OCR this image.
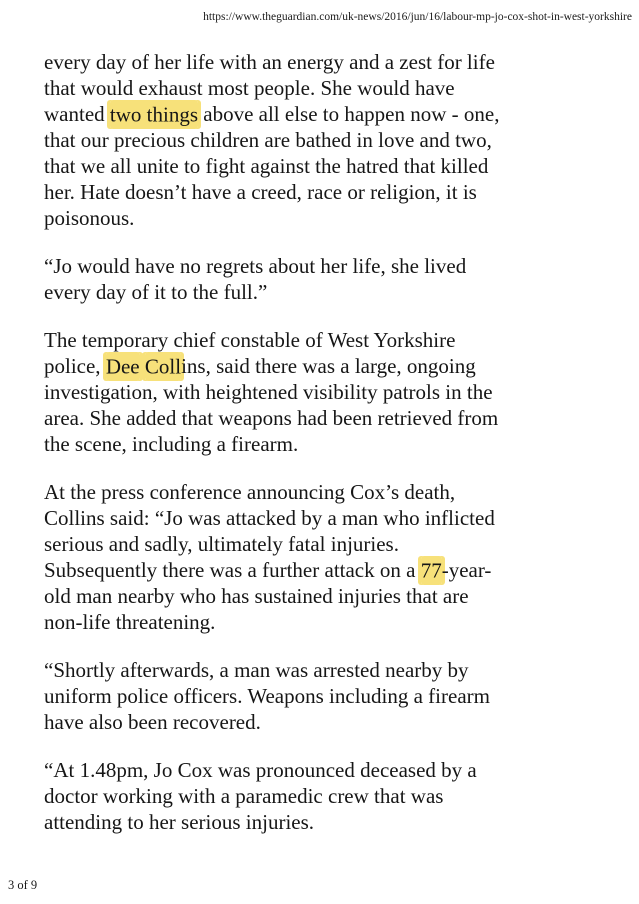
https://www.theguardian.com/uk-news/2016/jun/16/labour-mp-jo-cox-shot-in-west-yorkshire

every day of her life with an energy and a zest for life
that would exhaust most people. She would have
wanted two things above all else to happen now - one,
that our precious children are bathed in love and two,
that we all unite to fight against the hatred that killed
her. Hate doesn’t have a creed, race or religion, it is
poisonous.

“Jo would have no regrets about her life, she lived
every day of it to the full.”

The temporary chief constable of West Yorkshire
police, Dee Collins, said there was a large, ongoing
investigation, with heightened visibility patrols in the
area. She added that weapons had been retrieved from
the scene, including a firearm.

At the press conference announcing Cox’s death,
Collins said: “Jo was attacked by a man who inflicted
serious and sadly, ultimately fatal injuries.
Subsequently there was a further attack on a 77-year-
old man nearby who has sustained injuries that are
non-life threatening.

“Shortly afterwards, a man was arrested nearby by
uniform police officers. Weapons including a firearm
have also been recovered.

“At 1.48pm, Jo Cox was pronounced deceased by a
doctor working with a paramedic crew that was
attending to her serious injuries.

3 of 9
